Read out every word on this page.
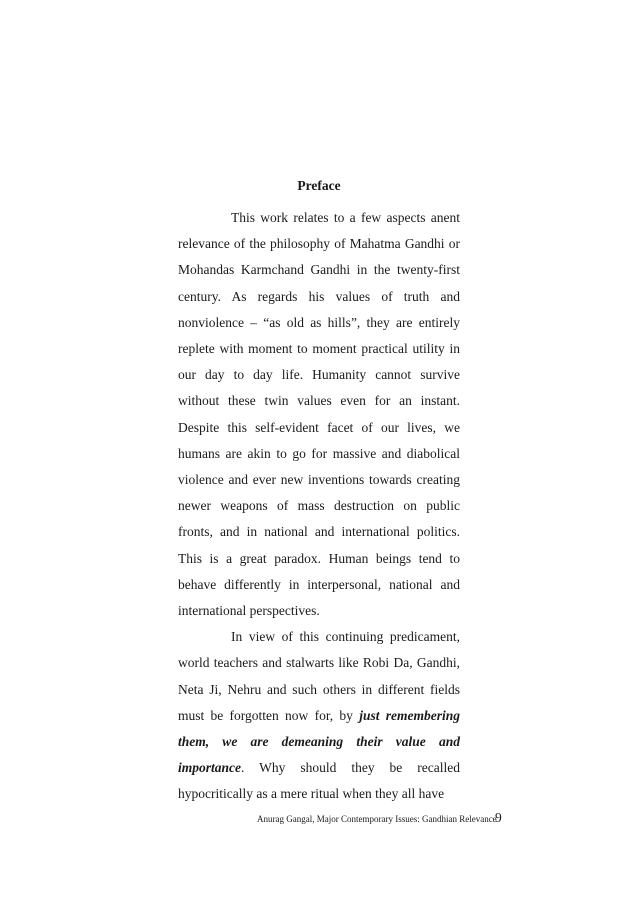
Preface

This work relates to a few aspects anent relevance of the philosophy of Mahatma Gandhi or Mohandas Karmchand Gandhi in the twenty-first century. As regards his values of truth and nonviolence – “as old as hills”, they are entirely replete with moment to moment practical utility in our day to day life. Humanity cannot survive without these twin values even for an instant. Despite this self-evident facet of our lives, we humans are akin to go for massive and diabolical violence and ever new inventions towards creating newer weapons of mass destruction on public fronts, and in national and international politics. This is a great paradox. Human beings tend to behave differently in interpersonal, national and international perspectives.

In view of this continuing predicament, world teachers and stalwarts like Robi Da, Gandhi, Neta Ji, Nehru and such others in different fields must be forgotten now for, by just remembering them, we are demeaning their value and importance. Why should they be recalled hypocritically as a mere ritual when they all have

Anurag Gangal, Major Contemporary Issues: Gandhian Relevance
9
